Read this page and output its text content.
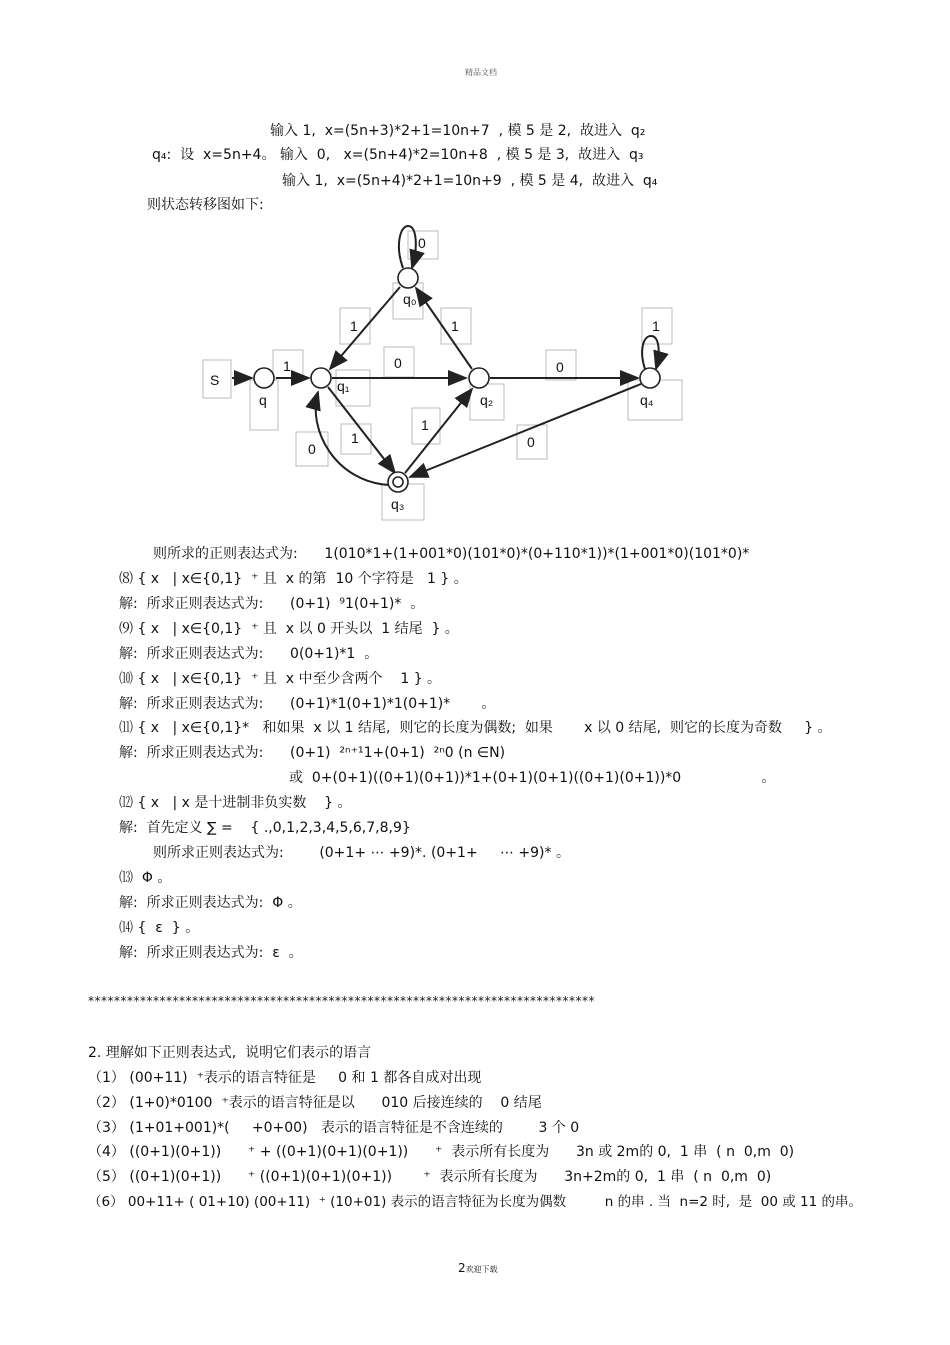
精品文档
输入 1,  x=(5n+3)*2+1=10n+7  , 模 5 是 2,  故进入  q₂
q₄:  设  x=5n+4。 输入  0,   x=(5n+4)*2=10n+8  , 模 5 是 3,  故进入  q₃
输入 1,  x=(5n+4)*2+1=10n+9  , 模 5 是 4,  故进入  q₄
则状态转移图如下:
S
q
q₁
q₀
q₂	q₄
q₃
0
1	1	1
1	0	0
1
1
0	0
则所求的正则表达式为:      1(010*1+(1+001*0)(101*0)*(0+110*1))*(1+001*0)(101*0)*
⑻ { x   | x∈{0,1}  ⁺ 且  x 的第  10 个字符是   1 } 。
解:  所求正则表达式为:      (0+1)  ⁹1(0+1)*  。
⑼ { x   | x∈{0,1}  ⁺ 且  x 以 0 开头以  1 结尾  } 。
解:  所求正则表达式为:      0(0+1)*1  。
⑽ { x   | x∈{0,1}  ⁺ 且  x 中至少含两个    1 } 。
解:  所求正则表达式为:      (0+1)*1(0+1)*1(0+1)*       。
⑾ { x   | x∈{0,1}*   和如果  x 以 1 结尾,  则它的长度为偶数;  如果       x 以 0 结尾,  则它的长度为奇数     } 。
解:  所求正则表达式为:      (0+1)  ²ⁿ⁺¹1+(0+1)  ²ⁿ0 (n ∈N)
或  0+(0+1)((0+1)(0+1))*1+(0+1)(0+1)((0+1)(0+1))*0                  。
⑿ { x   | x 是十进制非负实数    } 。
解:  首先定义 ∑ =    { .,0,1,2,3,4,5,6,7,8,9}
则所求正则表达式为:        (0+1+ ⋯ +9)*. (0+1+     ⋯ +9)* 。
⒀  Φ 。
解:  所求正则表达式为:  Φ 。
⒁ {  ε  } 。
解:  所求正则表达式为:  ε  。
******************************************************************************
2. 理解如下正则表达式,  说明它们表示的语言
（1） (00+11)  ⁺表示的语言特征是     0 和 1 都各自成对出现
（2） (1+0)*0100  ⁺表示的语言特征是以      010 后接连续的    0 结尾
（3） (1+01+001)*(     +0+00)   表示的语言特征是不含连续的        3 个 0
（4） ((0+1)(0+1))      ⁺ + ((0+1)(0+1)(0+1))      ⁺  表示所有长度为      3n 或 2m的 0,  1 串  ( n  0,m  0)
（5） ((0+1)(0+1))      ⁺ ((0+1)(0+1)(0+1))       ⁺  表示所有长度为      3n+2m的 0,  1 串  ( n  0,m  0)
（6） 00+11+ ( 01+10) (00+11)  ⁺ (10+01) 表示的语言特征为长度为偶数         n 的串 . 当  n=2 时,  是  00 或 11 的串。
2欢迎下载
